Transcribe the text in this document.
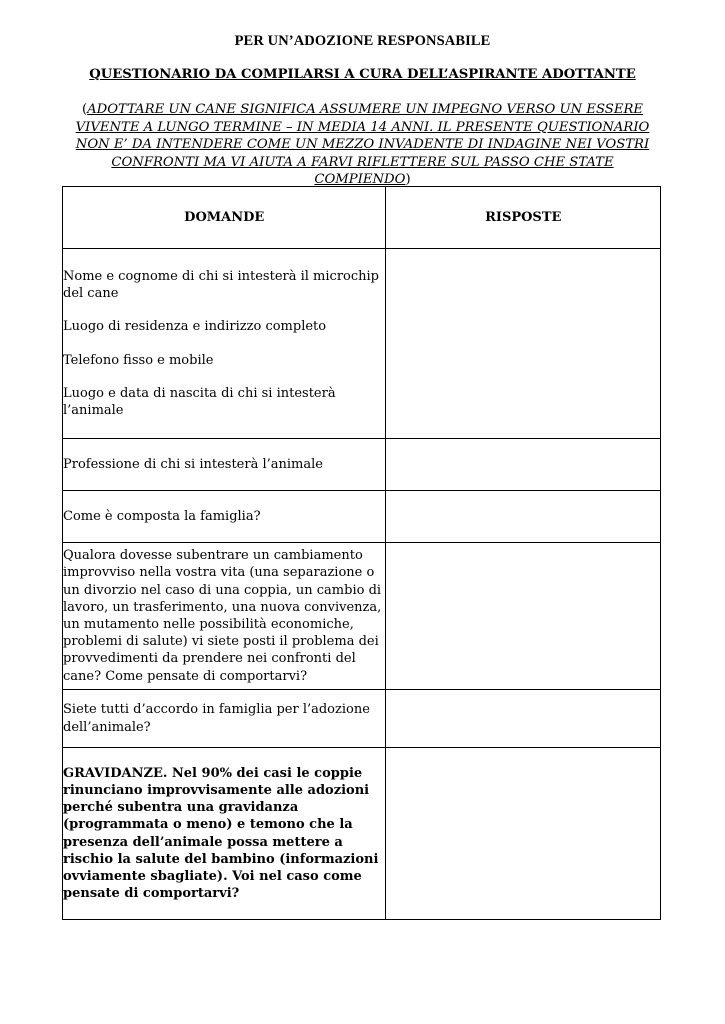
PER UN’ADOZIONE RESPONSABILE
QUESTIONARIO DA COMPILARSI A CURA DELL’ASPIRANTE ADOTTANTE
(ADOTTARE UN CANE SIGNIFICA ASSUMERE UN IMPEGNO VERSO UN ESSERE VIVENTE A LUNGO TERMINE – IN MEDIA 14 ANNI. IL PRESENTE QUESTIONARIO NON E’ DA INTENDERE COME UN MEZZO INVADENTE DI INDAGINE NEI VOSTRI CONFRONTI MA VI AIUTA A FARVI RIFLETTERE SUL PASSO CHE STATE COMPIENDO)
DOMANDE	RISPOSTE

Nome e cognome di chi si intesterà il microchip del cane

Luogo di residenza e indirizzo completo

Telefono fisso e mobile

Luogo e data di nascita di chi si intesterà l’animale	

Professione di chi si intesterà l’animale	

Come è composta la famiglia?	

Qualora dovesse subentrare un cambiamento improvviso nella vostra vita (una separazione o un divorzio nel caso di una coppia, un cambio di lavoro, un trasferimento, una nuova convivenza, un mutamento nelle possibilità economiche, problemi di salute) vi siete posti il problema dei provvedimenti da prendere nei confronti del cane? Come pensate di comportarvi?	

Siete tutti d’accordo in famiglia per l’adozione dell’animale?	

GRAVIDANZE. Nel 90% dei casi le coppie rinunciano improvvisamente alle adozioni perché subentra una gravidanza (programmata o meno) e temono che la presenza dell’animale possa mettere a rischio la salute del bambino (informazioni ovviamente sbagliate). Voi nel caso come pensate di comportarvi?	
